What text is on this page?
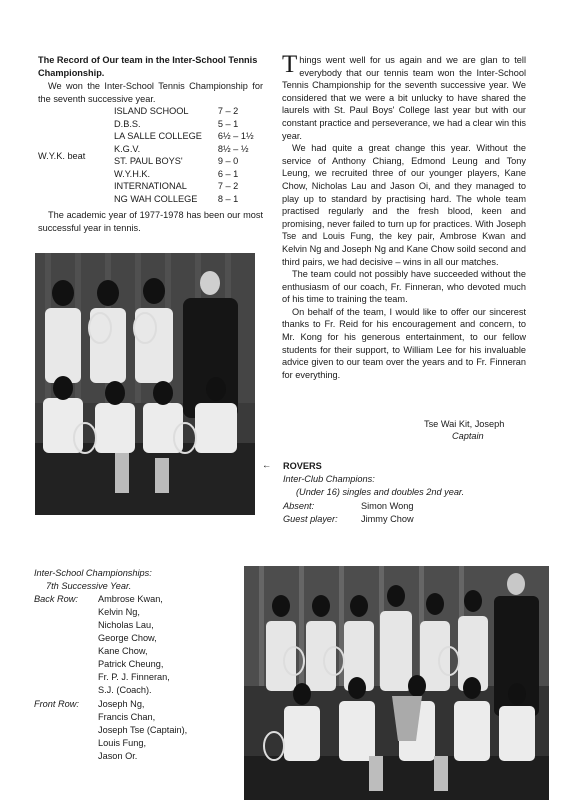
The Record of Our team in the Inter-School Tennis Championship.

We won the Inter-School Tennis Championship for the seventh successive year.

W.Y.K. beat
ISLAND SCHOOL	7 – 2
D.B.S.	5 – 1
LA SALLE COLLEGE	6½ – 1½
K.G.V.	8½ – ½
ST. PAUL BOYS'	9 – 0
W.Y.H.K.	6 – 1
INTERNATIONAL	7 – 2
NG WAH COLLEGE	8 – 1

The academic year of 1977-1978 has been our most successful year in tennis.

Things went well for us again and we are glan to tell everybody that our tennis team won the Inter-School Tennis Championship for the seventh successive year. We considered that we were a bit unlucky to have shared the laurels with St. Paul Boys' College last year but with our constant practice and perseverance, we had a clear win this year.

We had quite a great change this year. Without the service of Anthony Chiang, Edmond Leung and Tony Leung, we recruited three of our younger players, Kane Chow, Nicholas Lau and Jason Oi, and they managed to play up to standard by practising hard. The whole team practised regularly and the fresh blood, keen and promising, never failed to turn up for practices. With Joseph Tse and Louis Fung, the key pair, Ambrose Kwan and Kelvin Ng and Joseph Ng and Kane Chow soild second and third pairs, we had decisive – wins in all our matches.

The team could not possibly have succeeded without the enthusiasm of our coach, Fr. Finneran, who devoted much of his time to training the team.

On behalf of the team, I would like to offer our sincerest thanks to Fr. Reid for his encouragement and concern, to Mr. Kong for his generous entertainment, to our fellow students for their support, to William Lee for his invaluable advice given to our team over the years and to Fr. Finneran for everything.

Tse Wai Kit, Joseph
Captain
← ROVERS
Inter-Club Champions:
(Under 16) singles and doubles 2nd year.
Absent:	Simon Wong
Guest player:	Jimmy Chow
Inter-School Championships:
7th Successive Year.
Back Row: Ambrose Kwan,
Kelvin Ng,
Nicholas Lau,
George Chow,
Kane Chow,
Patrick Cheung,
Fr. P. J. Finneran,
S.J. (Coach).
Front Row: Joseph Ng,
Francis Chan,
Joseph Tse (Captain),
Louis Fung,
Jason Or.
